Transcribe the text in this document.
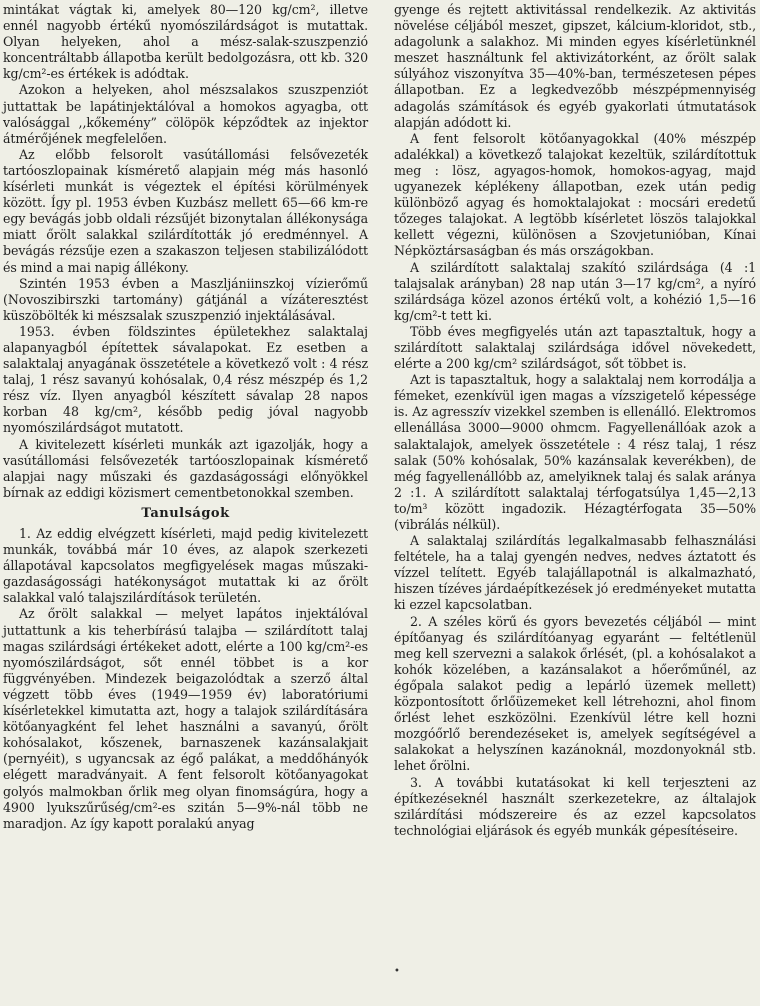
mintákat vágtak ki, amelyek 80—120 kg/cm², illetve ennél nagyobb értékű nyomószilárdságot is mutattak. Olyan helyeken, ahol a mész-salak-szuszpenzió koncentráltabb állapotba került bedolgozásra, ott kb. 320 kg/cm²-es értékek is adódtak.

Azokon a helyeken, ahol mészsalakos szuszpenziót juttattak be lapátinjektálóval a homokos agyagba, ott valósággal ,,kőkemény” cölöpök képződtek az injektor átmérőjének megfelelően.

Az előbb felsorolt vasútállomási felsővezeték tartóoszlopainak kísmérető alapjain még más hasonló kísérleti munkát is végeztek el építési körülmények között. Így pl. 1953 évben Kuzbász mellett 65—66 km-re egy bevágás jobb oldali rézsűjét bizonytalan állékonysága miatt őrölt salakkal szilárdították jó eredménnyel. A bevágás rézsűje ezen a szakaszon teljesen stabilizálódott és mind a mai napig állékony.

Szintén 1953 évben a Maszljániinszkoj vízierőmű (Novoszibirszki tartomány) gátjánál a vízáteresztést küszöbölték ki mészsalak szuszpenzió injektálásával.

1953. évben földszintes épületekhez salaktalaj alapanyagból építettek sávalapokat. Ez esetben a salaktalaj anyagának összetétele a következő volt : 4 rész talaj, 1 rész savanyú kohósalak, 0,4 rész mészpép és 1,2 rész víz. Ilyen anyagból készített sávalap 28 napos korban 48 kg/cm², később pedig jóval nagyobb nyomószilárdságot mutatott.

A kivitelezett kísérleti munkák azt igazolják, hogy a vasútállomási felsővezeték tartóoszlopainak kísmérető alapjai nagy műszaki és gazdaságossági előnyökkel bírnak az eddigi közismert cementbetonokkal szemben.

Tanulságok

1. Az eddig elvégzett kísérleti, majd pedig kivitelezett munkák, továbbá már 10 éves, az alapok szerkezeti állapotával kapcsolatos megfigyelések magas műszaki-gazdaságossági hatékonyságot mutattak ki az őrölt salakkal való talajszilárdítások területén.

Az őrölt salakkal — melyet lapátos injektálóval juttattunk a kis teherbírású talajba — szilárdított talaj magas szilárdsági értékeket adott, elérte a 100 kg/cm²-es nyomószilárdságot, sőt ennél többet is a kor függvényében. Mindezek beigazolódtak a szerző által végzett több éves (1949—1959 év) laboratóriumi kísérletekkel kimutatta azt, hogy a talajok szilárdítására kötőanyagként fel lehet használni a savanyú, őrölt kohósalakot, kőszenek, barnaszenek kazánsalakjait (pernyéit), s ugyancsak az égő palákat, a meddőhányók elégett maradványait. A fent felsorolt kötőanyagokat golyós malmokban őrlik meg olyan finomságúra, hogy a 4900 lyukszűrűség/cm²-es szitán 5—9%-nál több ne maradjon. Az így kapott poralakú anyag

gyenge és rejtett aktivitással rendelkezik. Az aktivitás növelése céljából meszet, gipszet, kálcium-kloridot, stb., adagolunk a salakhoz. Mi minden egyes kísérletünknél meszet használtunk fel aktivizátorként, az őrölt salak súlyához viszonyítva 35—40%-ban, természetesen pépes állapotban. Ez a legkedvezőbb mészpépmennyiség adagolás számítások és egyéb gyakorlati útmutatások alapján adódott ki.

A fent felsorolt kötőanyagokkal (40% mészpép adalékkal) a következő talajokat kezeltük, szilárdítottuk meg : lösz, agyagos-homok, homokos-agyag, majd ugyanezek képlékeny állapotban, ezek után pedig különböző agyag és homoktalajokat : mocsári eredetű tőzeges talajokat. A legtöbb kísérletet löszös talajokkal kellett végezni, különösen a Szovjetunióban, Kínai Népköztársaságban és más országokban.

A szilárdított salaktalaj szakító szilárdsága (4 :1 talajsalak arányban) 28 nap után 3—17 kg/cm², a nyíró szilárdsága közel azonos értékű volt, a kohézió 1,5—16 kg/cm²-t tett ki.

Több éves megfigyelés után azt tapasztaltuk, hogy a szilárdított salaktalaj szilárdsága idővel növekedett, elérte a 200 kg/cm² szilárdságot, sőt többet is.

Azt is tapasztaltuk, hogy a salaktalaj nem korrodálja a fémeket, ezenkívül igen magas a vízszigetelő képessége is. Az agresszív vizekkel szemben is ellenálló. Elektromos ellenállása 3000—9000 ohmcm. Fagyellenállóak azok a salaktalajok, amelyek összetétele : 4 rész talaj, 1 rész salak (50% kohósalak, 50% kazánsalak keverékben), de még fagyellenállóbb az, amelyiknek talaj és salak aránya 2 :1. A szilárdított salaktalaj térfogatsúlya 1,45—2,13 to/m³ között ingadozik. Hézagtérfogata 35—50% (vibrálás nélkül).

A salaktalaj szilárdítás legalkalmasabb felhasználási feltétele, ha a talaj gyengén nedves, nedves áztatott és vízzel telített. Egyéb talajállapotnál is alkalmazható, hiszen tízéves járdaépítkezések jó eredményeket mutatta ki ezzel kapcsolatban.

2. A széles körű és gyors bevezetés céljából — mint építőanyag és szilárdítóanyag egyaránt — feltétlenül meg kell szervezni a salakok őrlését, (pl. a kohósalakot a kohók közelében, a kazánsalakot a hőerőműnél, az égőpala salakot pedig a lepárló üzemek mellett) központosított őrlőüzemeket kell létrehozni, ahol finom őrlést lehet eszközölni. Ezenkívül létre kell hozni mozgóőrlő berendezéseket is, amelyek segítségével a salakokat a helyszínen kazánoknál, mozdonyoknál stb. lehet őrölni.

3. A további kutatásokat ki kell terjeszteni az építkezéseknél használt szerkezetekre, az általajok szilárdítási módszereire és az ezzel kapcsolatos technológiai eljárások és egyéb munkák gépesítéseire.

•
